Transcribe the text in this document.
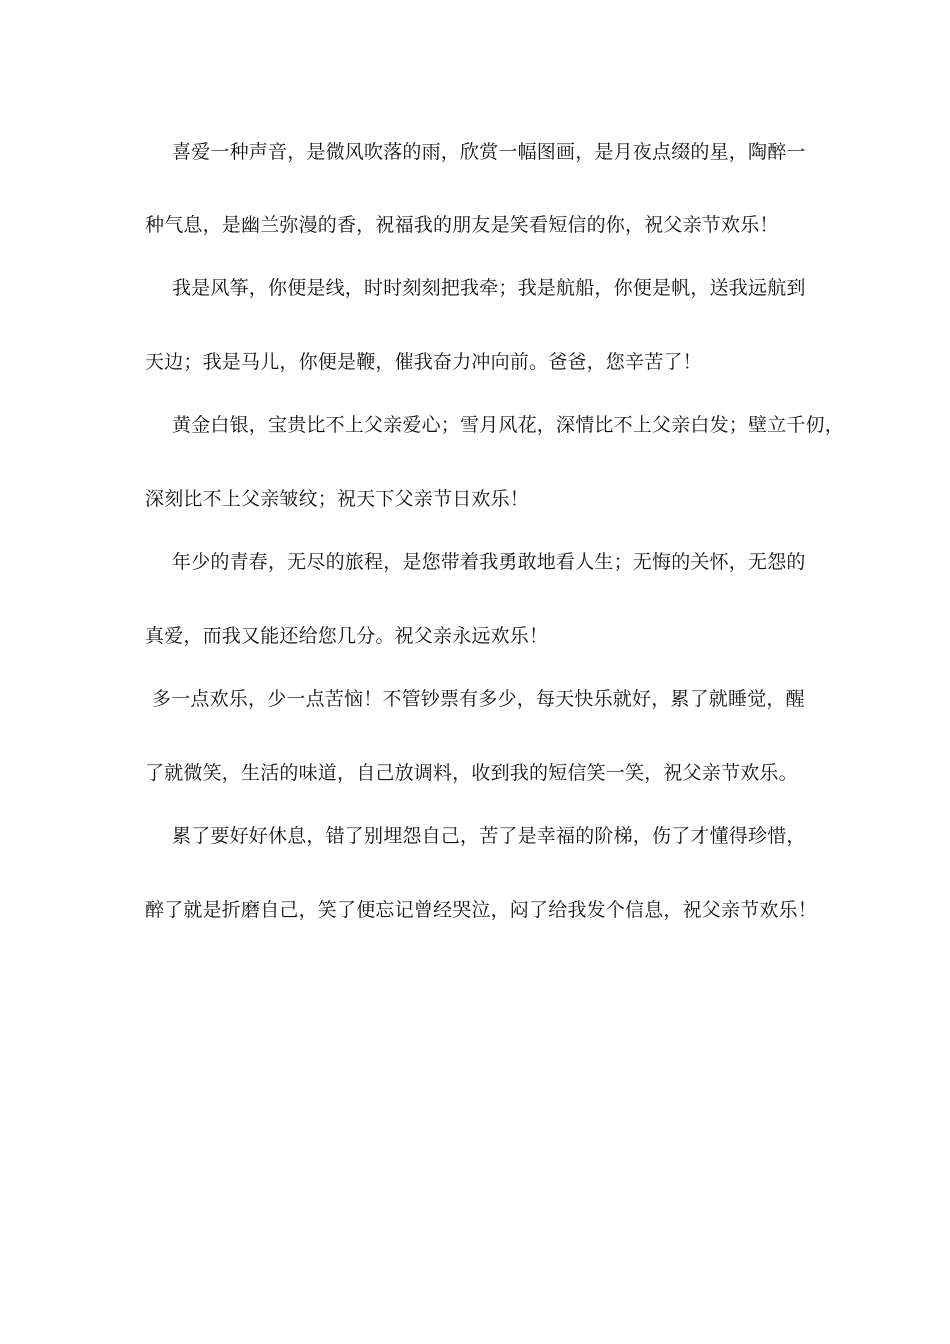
喜爱一种声音，是微风吹落的雨，欣赏一幅图画，是月夜点缀的星，陶醉一
种气息，是幽兰弥漫的香，祝福我的朋友是笑看短信的你，祝父亲节欢乐！
我是风筝，你便是线，时时刻刻把我牵；我是航船，你便是帆，送我远航到
天边；我是马儿，你便是鞭，催我奋力冲向前。爸爸，您辛苦了！
黄金白银，宝贵比不上父亲爱心；雪月风花，深情比不上父亲白发；壁立千仞，
深刻比不上父亲皱纹；祝天下父亲节日欢乐！
年少的青春，无尽的旅程，是您带着我勇敢地看人生；无悔的关怀，无怨的
真爱，而我又能还给您几分。祝父亲永远欢乐！
多一点欢乐，少一点苦恼！不管钞票有多少，每天快乐就好，累了就睡觉，醒
了就微笑，生活的味道，自己放调料，收到我的短信笑一笑，祝父亲节欢乐。
累了要好好休息，错了别埋怨自己，苦了是幸福的阶梯，伤了才懂得珍惜，
醉了就是折磨自己，笑了便忘记曾经哭泣，闷了给我发个信息，祝父亲节欢乐！
